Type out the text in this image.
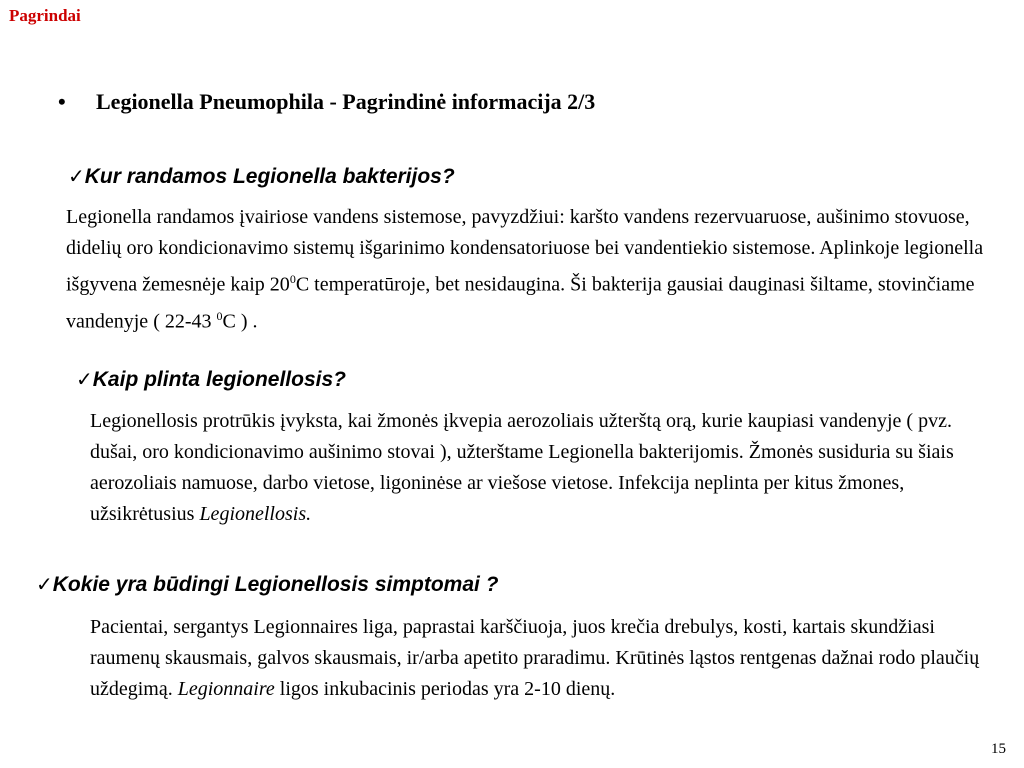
Pagrindai
• Legionella Pneumophila - Pagrindinė informacija 2/3
✓Kur randamos Legionella bakterijos?
Legionella randamos įvairiose vandens sistemose, pavyzdžiui: karšto vandens rezervuaruose, aušinimo stovuose, didelių oro kondicionavimo sistemų išgarinimo kondensatoriuose bei vandentiekio sistemose. Aplinkoje legionella išgyvena žemesnėje kaip $20^0C$ temperatūroje, bet nesidaugina. Ši bakterija gausiai dauginasi šiltame, stovinčiame vandenyje ( 22-43 $^0$C ) .
✓Kaip plinta legionellosis?
Legionellosis protrūkis įvyksta, kai žmonės įkvepia aerozoliais užterštą orą, kurie kaupiasi vandenyje ( pvz. dušai, oro kondicionavimo aušinimo stovai ), užterštame Legionella bakterijomis. Žmonės susiduria su šiais aerozoliais namuose, darbo vietose, ligoninėse ar viešose vietose. Infekcija neplinta per kitus žmones, užsikrėtusius Legionellosis.
✓Kokie yra būdingi Legionellosis simptomai ?
Pacientai, sergantys Legionnaires liga, paprastai karščiuoja, juos krečia drebulys, kosti, kartais skundžiasi raumenų skausmais, galvos skausmais, ir/arba apetito praradimu. Krūtinės ląstos rentgenas dažnai rodo plaučių uždegimą. Legionnaire ligos inkubacinis periodas yra 2-10 dienų.
15
